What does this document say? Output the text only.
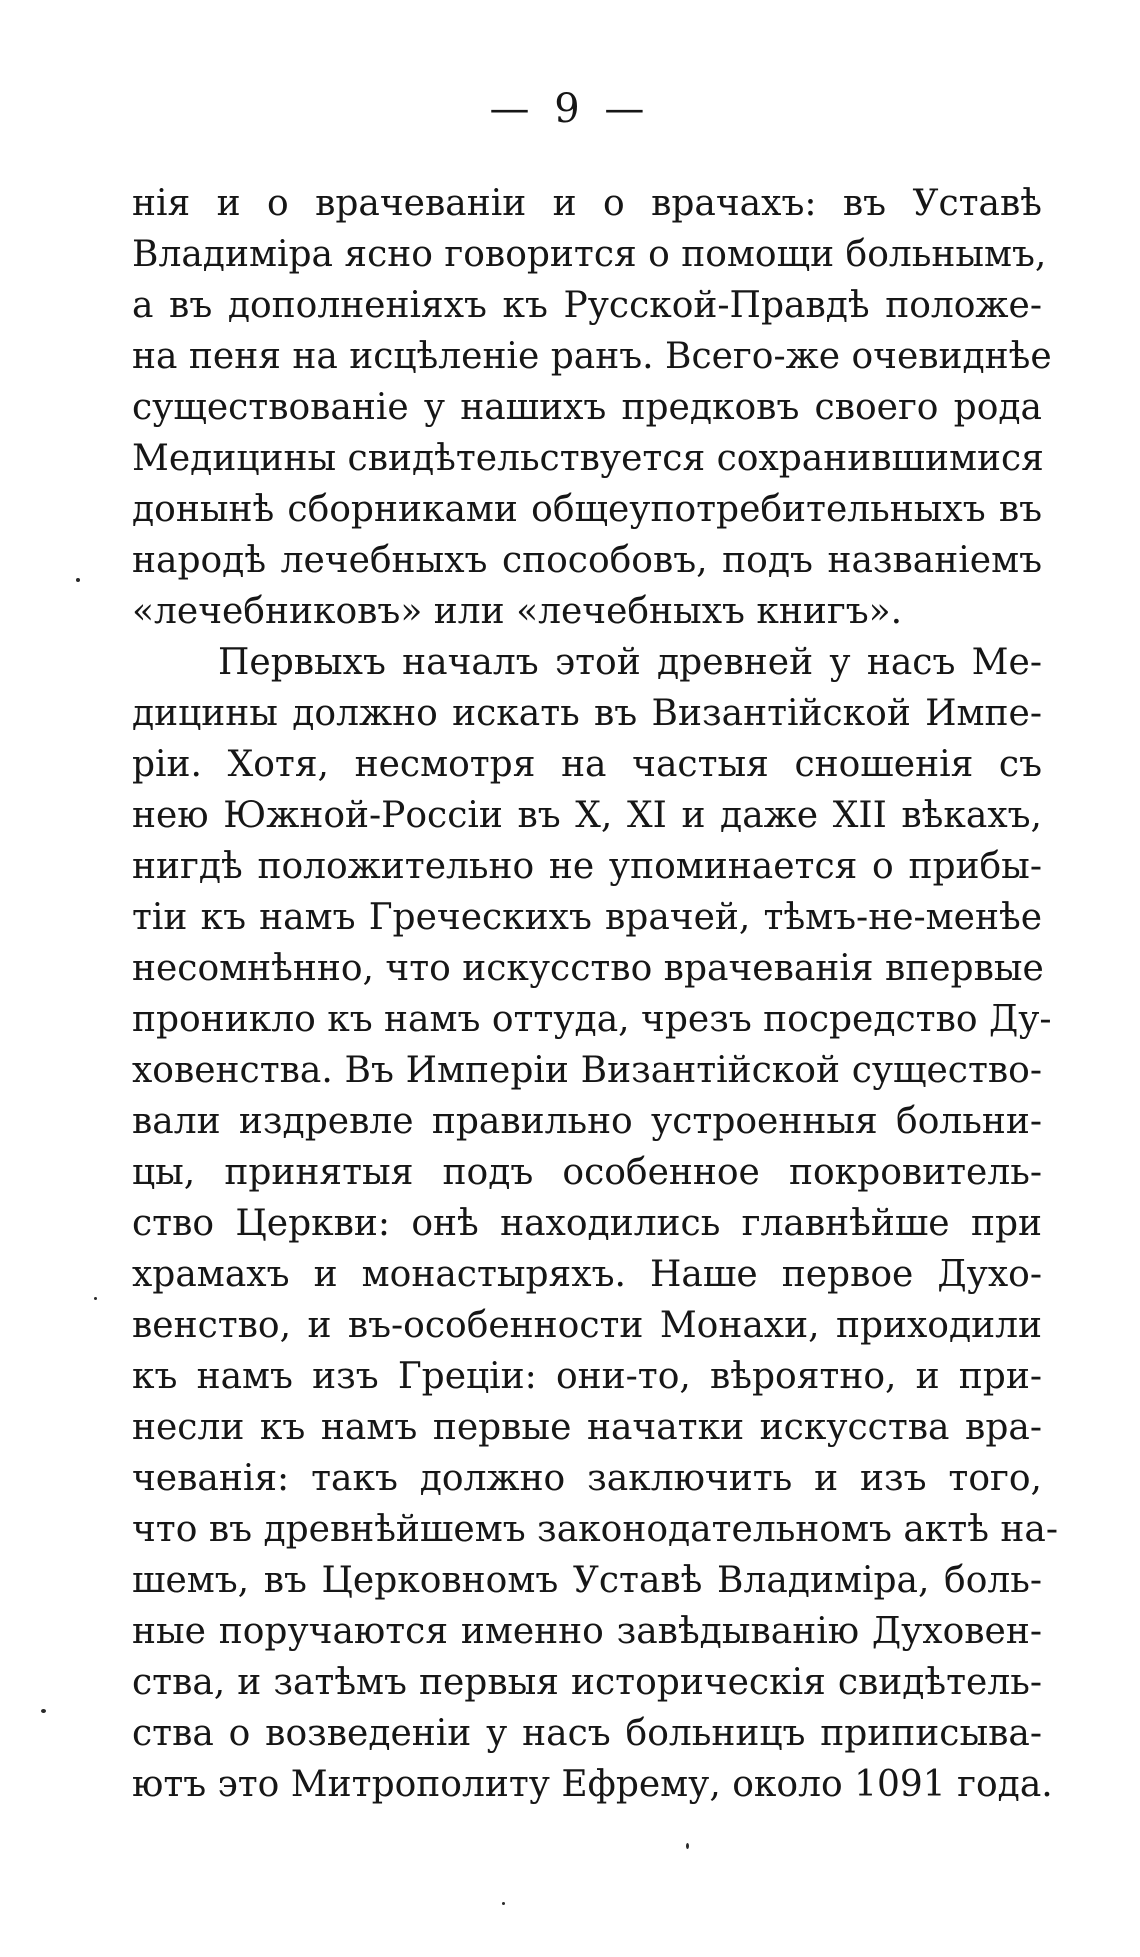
— 9 —
нія и о врачеваніи и о врачахъ: въ Уставѣ
Владиміра ясно говорится о помощи больнымъ,
а въ дополненіяхъ къ Русской-Правдѣ положе-
на пеня на исцѣленіе ранъ. Всего-же очевиднѣе
существованіе у нашихъ предковъ своего рода
Медицины свидѣтельствуется сохранившимися
донынѣ сборниками общеупотребительныхъ въ
народѣ лечебныхъ способовъ, подъ названіемъ
«лечебниковъ» или «лечебныхъ книгъ».
Первыхъ началъ этой древней у насъ Ме-
дицины должно искать въ Византійской Импе-
ріи. Хотя, несмотря на частыя сношенія съ
нею Южной-Россіи въ X, XI и даже XII вѣкахъ,
нигдѣ положительно не упоминается о прибы-
тіи къ намъ Греческихъ врачей, тѣмъ-не-менѣе
несомнѣнно, что искусство врачеванія впервые
проникло къ намъ оттуда, чрезъ посредство Ду-
ховенства. Въ Имперіи Византійской существо-
вали издревле правильно устроенныя больни-
цы, принятыя подъ особенное покровитель-
ство Церкви: онѣ находились главнѣйше при
храмахъ и монастыряхъ. Наше первое Духо-
венство, и въ-особенности Монахи, приходили
къ намъ изъ Греціи: они-то, вѣроятно, и при-
несли къ намъ первые начатки искусства вра-
чеванія: такъ должно заключить и изъ того,
что въ древнѣйшемъ законодательномъ актѣ на-
шемъ, въ Церковномъ Уставѣ Владиміра, боль-
ные поручаются именно завѣдыванію Духовен-
ства, и затѣмъ первыя историческія свидѣтель-
ства о возведеніи у насъ больницъ приписыва-
ютъ это Митрополиту Ефрему, около 1091 года.
